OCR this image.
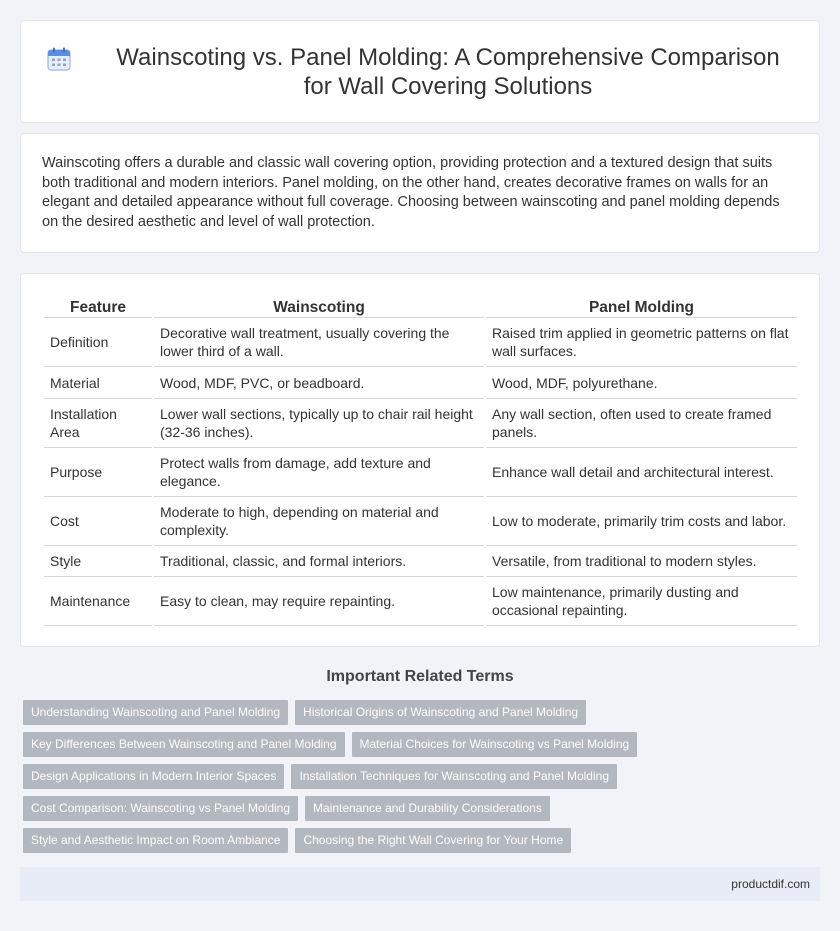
Wainscoting vs. Panel Molding: A Comprehensive Comparison for Wall Covering Solutions

Wainscoting offers a durable and classic wall covering option, providing protection and a textured design that suits both traditional and modern interiors. Panel molding, on the other hand, creates decorative frames on walls for an elegant and detailed appearance without full coverage. Choosing between wainscoting and panel molding depends on the desired aesthetic and level of wall protection.

Feature	Wainscoting	Panel Molding
Definition	Decorative wall treatment, usually covering the lower third of a wall.	Raised trim applied in geometric patterns on flat wall surfaces.
Material	Wood, MDF, PVC, or beadboard.	Wood, MDF, polyurethane.
Installation Area	Lower wall sections, typically up to chair rail height (32-36 inches).	Any wall section, often used to create framed panels.
Purpose	Protect walls from damage, add texture and elegance.	Enhance wall detail and architectural interest.
Cost	Moderate to high, depending on material and complexity.	Low to moderate, primarily trim costs and labor.
Style	Traditional, classic, and formal interiors.	Versatile, from traditional to modern styles.
Maintenance	Easy to clean, may require repainting.	Low maintenance, primarily dusting and occasional repainting.
Important Related Terms
Understanding Wainscoting and Panel Molding	Historical Origins of Wainscoting and Panel Molding
Key Differences Between Wainscoting and Panel Molding	Material Choices for Wainscoting vs Panel Molding
Design Applications in Modern Interior Spaces	Installation Techniques for Wainscoting and Panel Molding
Cost Comparison: Wainscoting vs Panel Molding	Maintenance and Durability Considerations
Style and Aesthetic Impact on Room Ambiance	Choosing the Right Wall Covering for Your Home
productdif.com
